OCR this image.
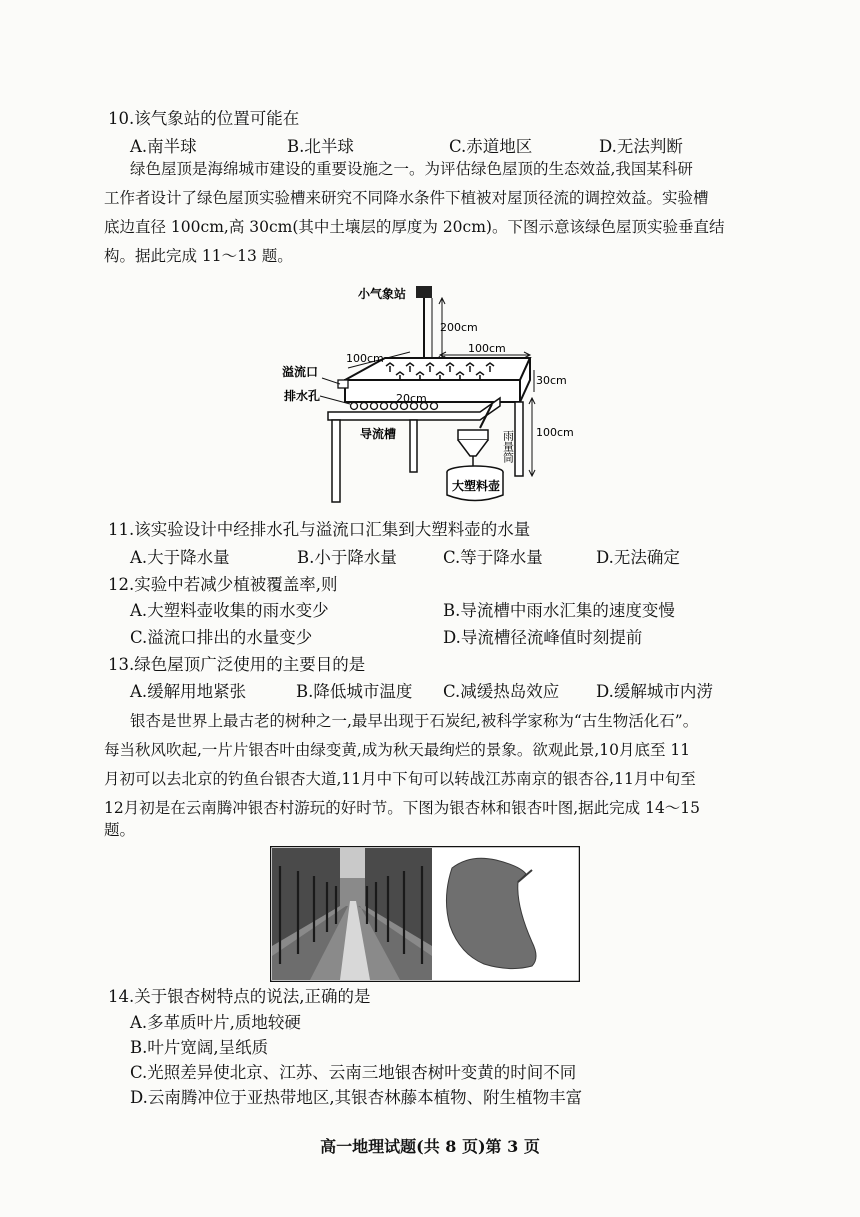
10.该气象站的位置可能在
A.南半球	B.北半球	C.赤道地区	D.无法判断
绿色屋顶是海绵城市建设的重要设施之一。为评估绿色屋顶的生态效益,我国某科研
工作者设计了绿色屋顶实验槽来研究不同降水条件下植被对屋顶径流的调控效益。实验槽
底边直径 100cm,高 30cm(其中土壤层的厚度为 20cm)。下图示意该绿色屋顶实验垂直结
构。据此完成 11～13 题。
小气象站
200cm
大塑料壶
雨量筒
100cm
100cm
30cm
100cm
20cm
溢流口
排水孔
导流槽
11.该实验设计中经排水孔与溢流口汇集到大塑料壶的水量
A.大于降水量	B.小于降水量	C.等于降水量	D.无法确定
12.实验中若减少植被覆盖率,则
A.大塑料壶收集的雨水变少	B.导流槽中雨水汇集的速度变慢
C.溢流口排出的水量变少	D.导流槽径流峰值时刻提前
13.绿色屋顶广泛使用的主要目的是
A.缓解用地紧张	B.降低城市温度 C.减缓热岛效应 D.缓解城市内涝
银杏是世界上最古老的树种之一,最早出现于石炭纪,被科学家称为“古生物活化石”。
每当秋风吹起,一片片银杏叶由绿变黄,成为秋天最绚烂的景象。欲观此景,10月底至 11
月初可以去北京的钓鱼台银杏大道,11月中下旬可以转战江苏南京的银杏谷,11月中旬至
12月初是在云南腾冲银杏村游玩的好时节。下图为银杏林和银杏叶图,据此完成 14～15
题。
14.关于银杏树特点的说法,正确的是
A.多革质叶片,质地较硬
B.叶片宽阔,呈纸质
C.光照差异使北京、江苏、云南三地银杏树叶变黄的时间不同
D.云南腾冲位于亚热带地区,其银杏林藤本植物、附生植物丰富
高一地理试题(共 8 页)第 3 页
